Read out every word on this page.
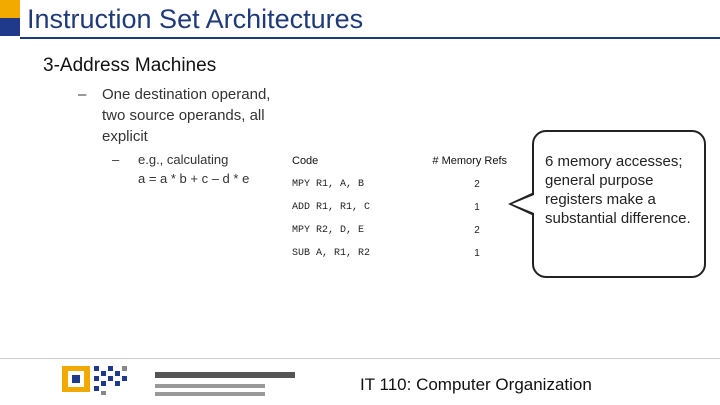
Instruction Set Architectures
3-Address Machines
–	One destination operand, two source operands, all explicit
–	e.g., calculating
a = a * b + c – d * e
Code	# Memory Refs
MPY R1, A, B	2
ADD R1, R1, C	1
MPY R2, D, E	2
SUB A, R1, R2	1
6 memory accesses; general purpose registers make a substantial difference.
IT 110: Computer Organization
